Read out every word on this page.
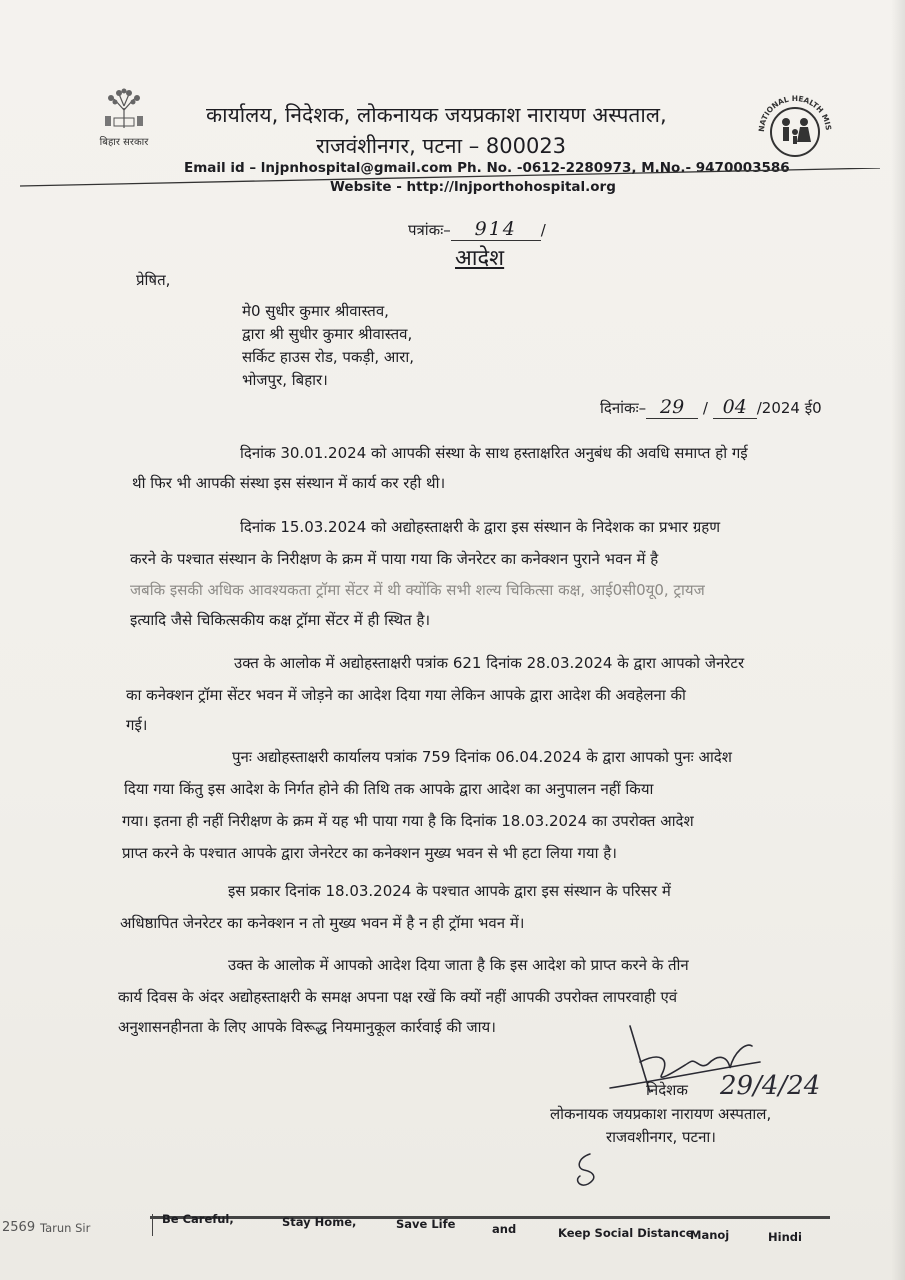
बिहार सरकार
कार्यालय, निदेशक, लोकनायक जयप्रकाश नारायण अस्पताल,
राजवंशीनगर, पटना – 800023
Email id – lnjpnhospital@gmail.com Ph. No. -0612-2280973, M.No.- 9470003586
Website - http://lnjporthohospital.org
NATIONAL HEALTH MIS
पत्रांकः– 914 /
आदेश
प्रेषित,
मे0 सुधीर कुमार श्रीवास्तव,
द्वारा श्री सुधीर कुमार श्रीवास्तव,
सर्किट हाउस रोड, पकड़ी, आरा,
भोजपुर, बिहार।
दिनांकः– 29 / 04 /2024 ई0
दिनांक 30.01.2024 को आपकी संस्था के साथ हस्ताक्षरित अनुबंध की अवधि समाप्त हो गई
थी फिर भी आपकी संस्था इस संस्थान में कार्य कर रही थी।
दिनांक 15.03.2024 को अद्योहस्ताक्षरी के द्वारा इस संस्थान के निदेशक का प्रभार ग्रहण
करने के पश्चात संस्थान के निरीक्षण के क्रम में पाया गया कि जेनरेटर का कनेक्शन पुराने भवन में है
जबकि इसकी अधिक आवश्यकता ट्रॉमा सेंटर में थी क्योंकि सभी शल्य चिकित्सा कक्ष, आई0सी0यू0, ट्रायज
इत्यादि जैसे चिकित्सकीय कक्ष ट्रॉमा सेंटर में ही स्थित है।
उक्त के आलोक में अद्योहस्ताक्षरी पत्रांक 621 दिनांक 28.03.2024 के द्वारा आपको जेनरेटर
का कनेक्शन ट्रॉमा सेंटर भवन में जोड़ने का आदेश दिया गया लेकिन आपके द्वारा आदेश की अवहेलना की
गई।
पुनः अद्योहस्ताक्षरी कार्यालय पत्रांक 759 दिनांक 06.04.2024 के द्वारा आपको पुनः आदेश
दिया गया किंतु इस आदेश के निर्गत होने की तिथि तक आपके द्वारा आदेश का अनुपालन नहीं किया
गया। इतना ही नहीं निरीक्षण के क्रम में यह भी पाया गया है कि दिनांक 18.03.2024 का उपरोक्त आदेश
प्राप्त करने के पश्चात आपके द्वारा जेनरेटर का कनेक्शन मुख्य भवन से भी हटा लिया गया है।
इस प्रकार दिनांक 18.03.2024 के पश्चात आपके द्वारा इस संस्थान के परिसर में
अधिष्ठापित जेनरेटर का कनेक्शन न तो मुख्य भवन में है न ही ट्रॉमा भवन में।
उक्त के आलोक में आपको आदेश दिया जाता है कि इस आदेश को प्राप्त करने के तीन
कार्य दिवस के अंदर अद्योहस्ताक्षरी के समक्ष अपना पक्ष रखें कि क्यों नहीं आपकी उपरोक्त लापरवाही एवं
अनुशासनहीनता के लिए आपके विरूद्ध नियमानुकूल कार्रवाई की जाय।
29/4/24
निदेशक
लोकनायक जयप्रकाश नारायण अस्पताल,
राजवशीनगर, पटना।
2569 Tarun Sir
Be Careful,	Stay Home,	Save Life	and	Keep Social Distance
Manoj	Hindi
